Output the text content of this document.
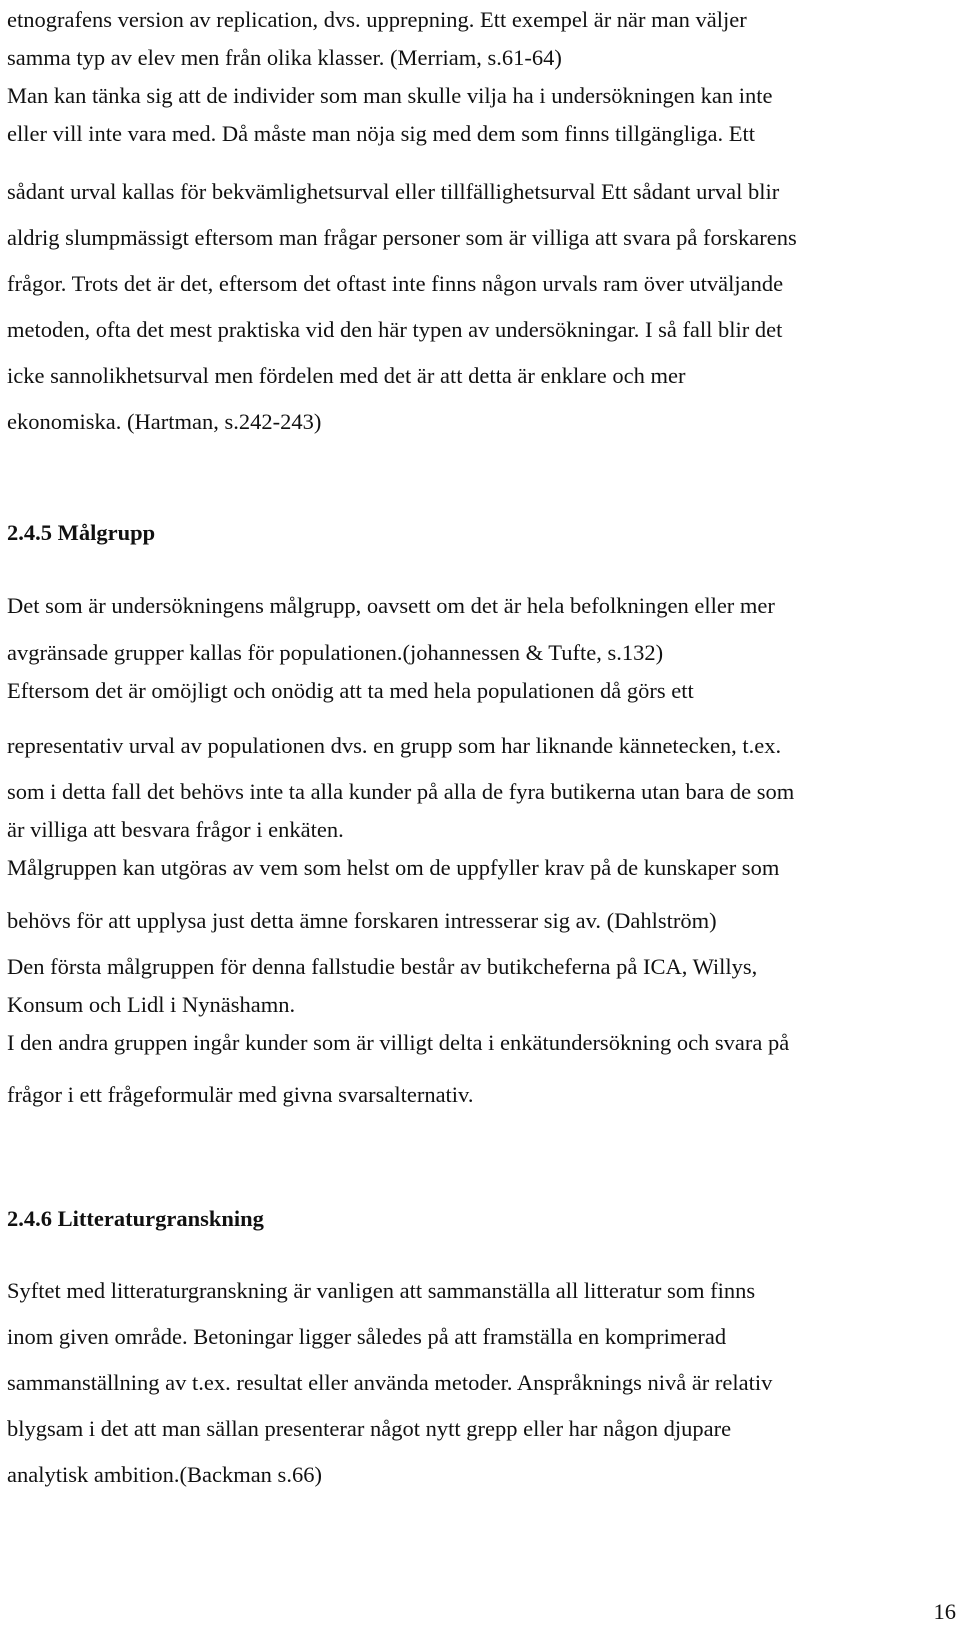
etnografens version av replication, dvs. upprepning. Ett exempel är när man väljer
samma typ av elev men från olika klasser. (Merriam, s.61-64)
Man kan tänka sig att de individer som man skulle vilja ha i undersökningen kan inte
eller vill inte vara med. Då måste man nöja sig med dem som finns tillgängliga. Ett
sådant urval kallas för bekvämlighetsurval eller tillfällighetsurval Ett sådant urval blir
aldrig slumpmässigt eftersom man frågar personer som är villiga att svara på forskarens
frågor. Trots det är det, eftersom det oftast inte finns någon urvals ram över utväljande
metoden, ofta det mest praktiska vid den här typen av undersökningar. I så fall blir det
icke sannolikhetsurval men fördelen med det är att detta är enklare och mer
ekonomiska. (Hartman, s.242-243)
2.4.5 Målgrupp
Det som är undersökningens målgrupp, oavsett om det är hela befolkningen eller mer
avgränsade grupper kallas för populationen.(johannessen & Tufte, s.132)
Eftersom det är omöjligt och onödig att ta med hela populationen då görs ett
representativ urval av populationen dvs. en grupp som har liknande kännetecken, t.ex.
som i detta fall det behövs inte ta alla kunder på alla de fyra butikerna utan bara de som
är villiga att besvara frågor i enkäten.
Målgruppen kan utgöras av vem som helst om de uppfyller krav på de kunskaper som
behövs för att upplysa just detta ämne forskaren intresserar sig av. (Dahlström)
Den första målgruppen för denna fallstudie består av butikcheferna på ICA, Willys,
Konsum och Lidl i Nynäshamn.
I den andra gruppen ingår kunder som är villigt delta i enkätundersökning och svara på
frågor i ett frågeformulär med givna svarsalternativ.
2.4.6 Litteraturgranskning
Syftet med litteraturgranskning är vanligen att sammanställa all litteratur som finns
inom given område. Betoningar ligger således på att framställa en komprimerad
sammanställning av t.ex. resultat eller använda metoder. Anspråknings nivå är relativ
blygsam i det att man sällan presenterar något nytt grepp eller har någon djupare
analytisk ambition.(Backman s.66)
16
